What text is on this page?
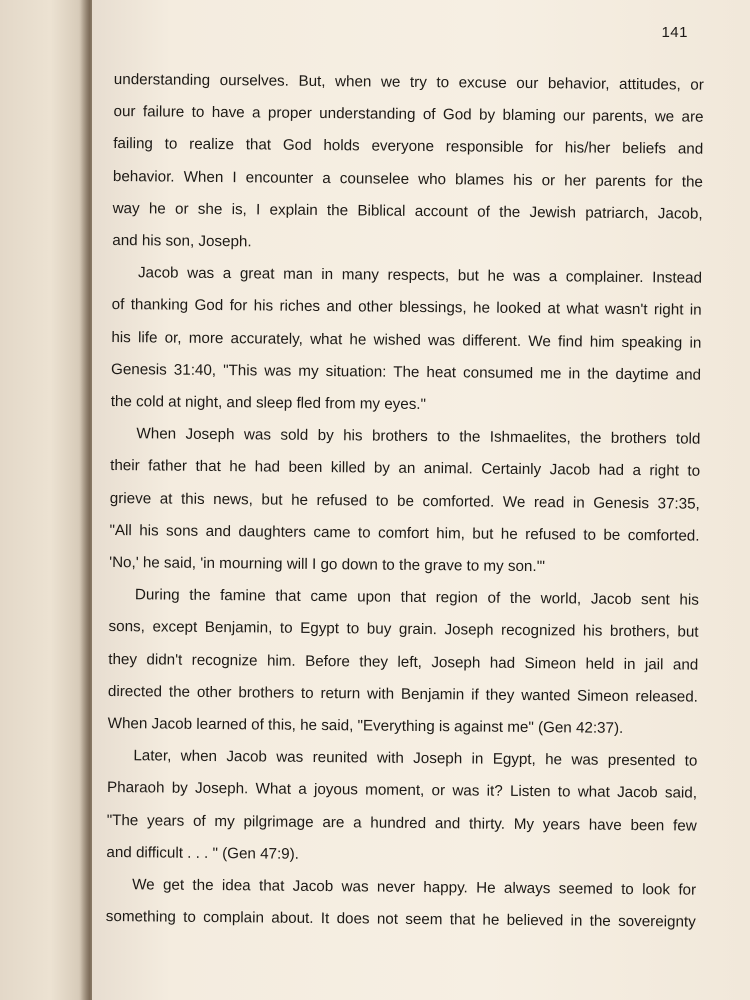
141
understanding ourselves. But, when we try to excuse our behavior, attitudes, or
our failure to have a proper understanding of God by blaming our parents, we are
failing to realize that God holds everyone responsible for his/her beliefs and
behavior. When I encounter a counselee who blames his or her parents for the
way he or she is, I explain the Biblical account of the Jewish patriarch, Jacob,
and his son, Joseph.
Jacob was a great man in many respects, but he was a complainer. Instead
of thanking God for his riches and other blessings, he looked at what wasn't right in
his life or, more accurately, what he wished was different. We find him speaking in
Genesis 31:40, "This was my situation: The heat consumed me in the daytime and
the cold at night, and sleep fled from my eyes."
When Joseph was sold by his brothers to the Ishmaelites, the brothers told
their father that he had been killed by an animal. Certainly Jacob had a right to
grieve at this news, but he refused to be comforted. We read in Genesis 37:35,
"All his sons and daughters came to comfort him, but he refused to be comforted.
'No,' he said, 'in mourning will I go down to the grave to my son.'"
During the famine that came upon that region of the world, Jacob sent his
sons, except Benjamin, to Egypt to buy grain. Joseph recognized his brothers, but
they didn't recognize him. Before they left, Joseph had Simeon held in jail and
directed the other brothers to return with Benjamin if they wanted Simeon released.
When Jacob learned of this, he said, "Everything is against me" (Gen 42:37).
Later, when Jacob was reunited with Joseph in Egypt, he was presented to
Pharaoh by Joseph. What a joyous moment, or was it? Listen to what Jacob said,
"The years of my pilgrimage are a hundred and thirty. My years have been few
and difficult . . . " (Gen 47:9).
We get the idea that Jacob was never happy. He always seemed to look for
something to complain about. It does not seem that he believed in the sovereignty
